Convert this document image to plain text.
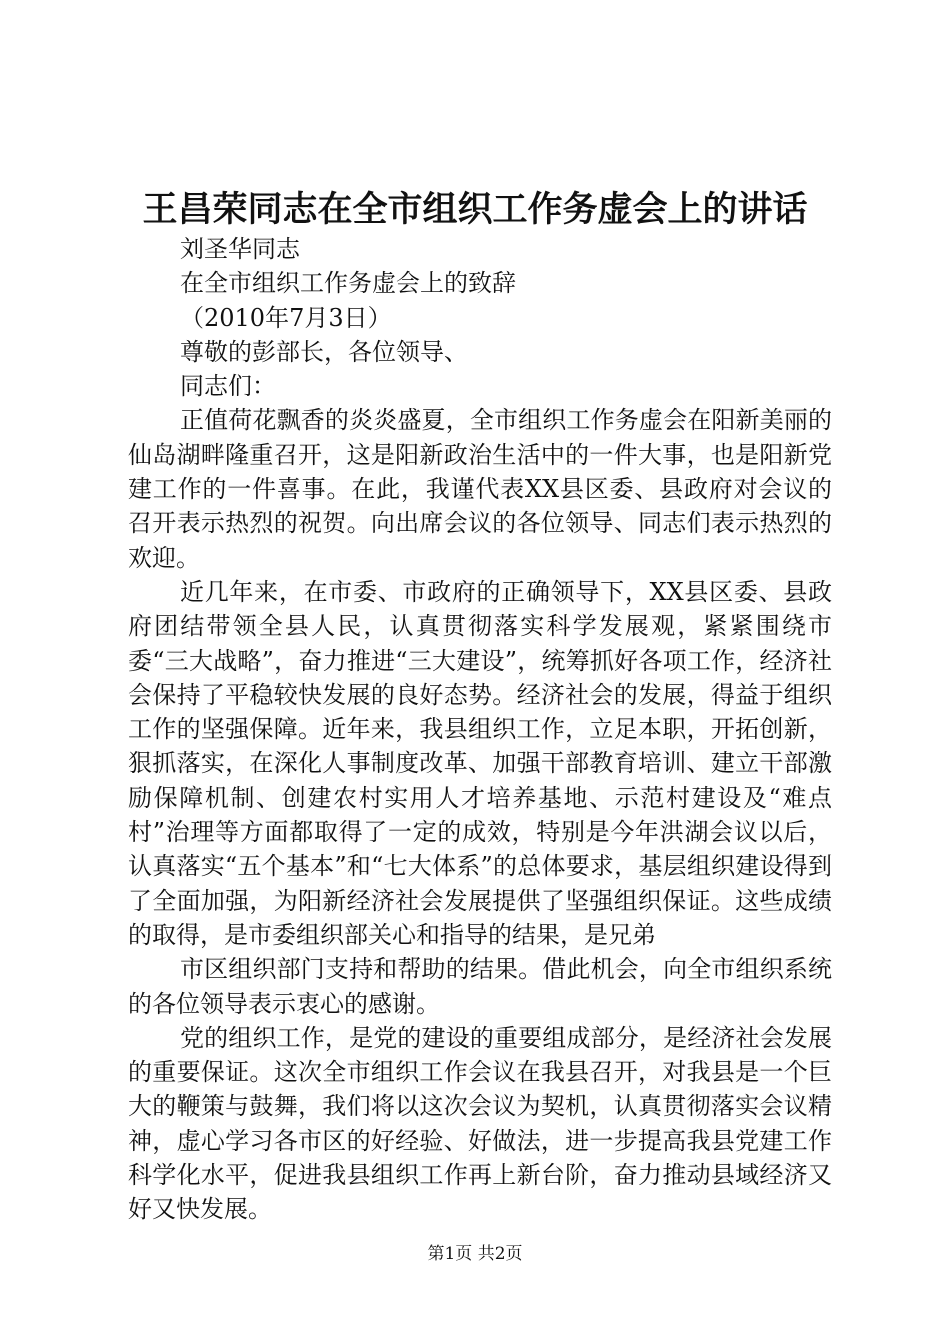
王昌荣同志在全市组织工作务虚会上的讲话

刘圣华同志

在全市组织工作务虚会上的致辞

（2010年7月3日）

尊敬的彭部长，各位领导、

同志们：

正值荷花飘香的炎炎盛夏，全市组织工作务虚会在阳新美丽的仙岛湖畔隆重召开，这是阳新政治生活中的一件大事，也是阳新党建工作的一件喜事。在此，我谨代表XX县区委、县政府对会议的召开表示热烈的祝贺。向出席会议的各位领导、同志们表示热烈的欢迎。

近几年来，在市委、市政府的正确领导下，XX县区委、县政府团结带领全县人民，认真贯彻落实科学发展观，紧紧围绕市委“三大战略”，奋力推进“三大建设”，统筹抓好各项工作，经济社会保持了平稳较快发展的良好态势。经济社会的发展，得益于组织工作的坚强保障。近年来，我县组织工作，立足本职，开拓创新，狠抓落实，在深化人事制度改革、加强干部教育培训、建立干部激励保障机制、创建农村实用人才培养基地、示范村建设及“难点村”治理等方面都取得了一定的成效，特别是今年洪湖会议以后，认真落实“五个基本”和“七大体系”的总体要求，基层组织建设得到了全面加强，为阳新经济社会发展提供了坚强组织保证。这些成绩的取得，是市委组织部关心和指导的结果，是兄弟

市区组织部门支持和帮助的结果。借此机会，向全市组织系统的各位领导表示衷心的感谢。

党的组织工作，是党的建设的重要组成部分，是经济社会发展的重要保证。这次全市组织工作会议在我县召开，对我县是一个巨大的鞭策与鼓舞，我们将以这次会议为契机，认真贯彻落实会议精神，虚心学习各市区的好经验、好做法，进一步提高我县党建工作科学化水平，促进我县组织工作再上新台阶，奋力推动县域经济又好又快发展。

第1页 共2页
